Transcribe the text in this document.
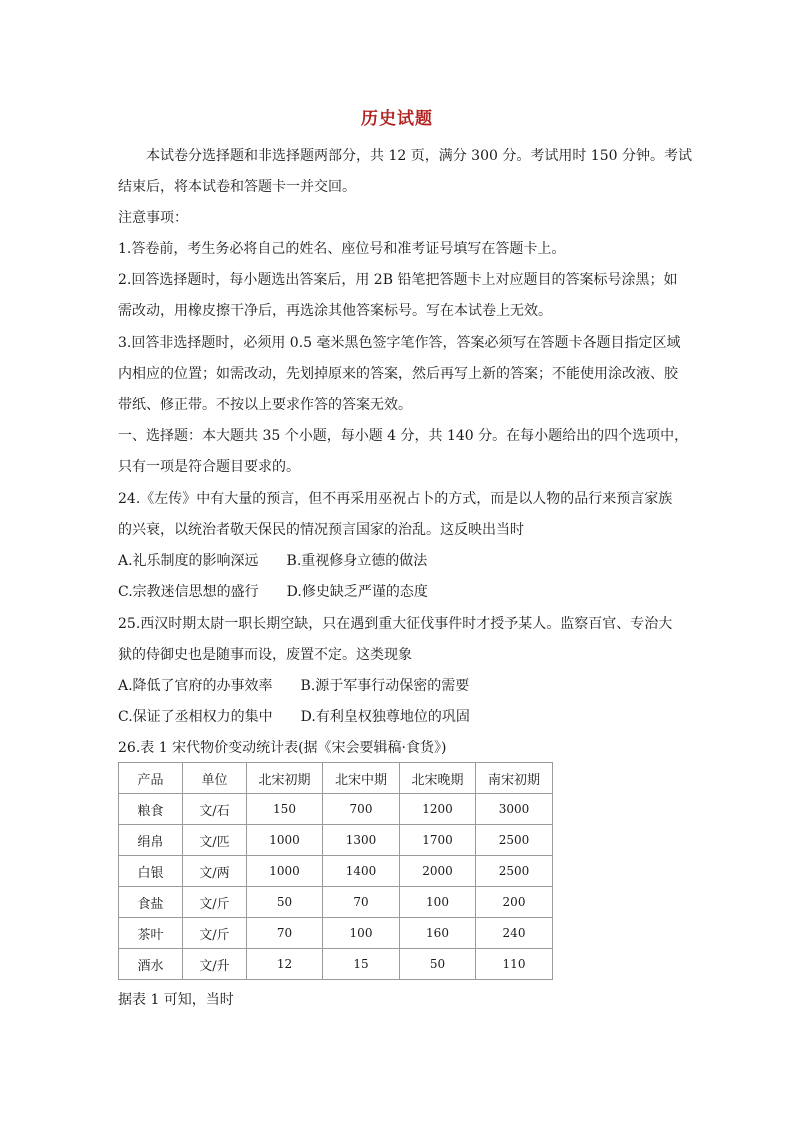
历史试题
本试卷分选择题和非选择题两部分，共 12 页，满分 300 分。考试用时 150 分钟。考试
结束后，将本试卷和答题卡一并交回。
注意事项：
1.答卷前，考生务必将自己的姓名、座位号和准考证号填写在答题卡上。
2.回答选择题时，每小题选出答案后，用 2B 铅笔把答题卡上对应题目的答案标号涂黑；如
需改动，用橡皮擦干净后，再选涂其他答案标号。写在本试卷上无效。
3.回答非选择题时，必须用 0.5 毫米黑色签字笔作答，答案必须写在答题卡各题目指定区域
内相应的位置；如需改动，先划掉原来的答案，然后再写上新的答案；不能使用涂改液、胶
带纸、修正带。不按以上要求作答的答案无效。
一、选择题：本大题共 35 个小题，每小题 4 分，共 140 分。在每小题给出的四个选项中，
只有一项是符合题目要求的。
24.《左传》中有大量的预言，但不再采用巫祝占卜的方式，而是以人物的品行来预言家族
的兴衰，以统治者敬天保民的情况预言国家的治乱。这反映出当时
A.礼乐制度的影响深远　　B.重视修身立德的做法
C.宗教迷信思想的盛行　　D.修史缺乏严谨的态度
25.西汉时期太尉一职长期空缺，只在遇到重大征伐事件时才授予某人。监察百官、专治大
狱的侍御史也是随事而设，废置不定。这类现象
A.降低了官府的办事效率　　B.源于军事行动保密的需要
C.保证了丞相权力的集中　　D.有利皇权独尊地位的巩固
26.表 1 宋代物价变动统计表(据《宋会要辑稿·食货》)
产品	单位	北宋初期	北宋中期	北宋晚期	南宋初期
粮食	文/石	150	700	1200	3000
绢帛	文/匹	1000	1300	1700	2500
白银	文/两	1000	1400	2000	2500
食盐	文/斤	50	70	100	200
茶叶	文/斤	70	100	160	240
酒水	文/升	12	15	50	110
据表 1 可知，当时
